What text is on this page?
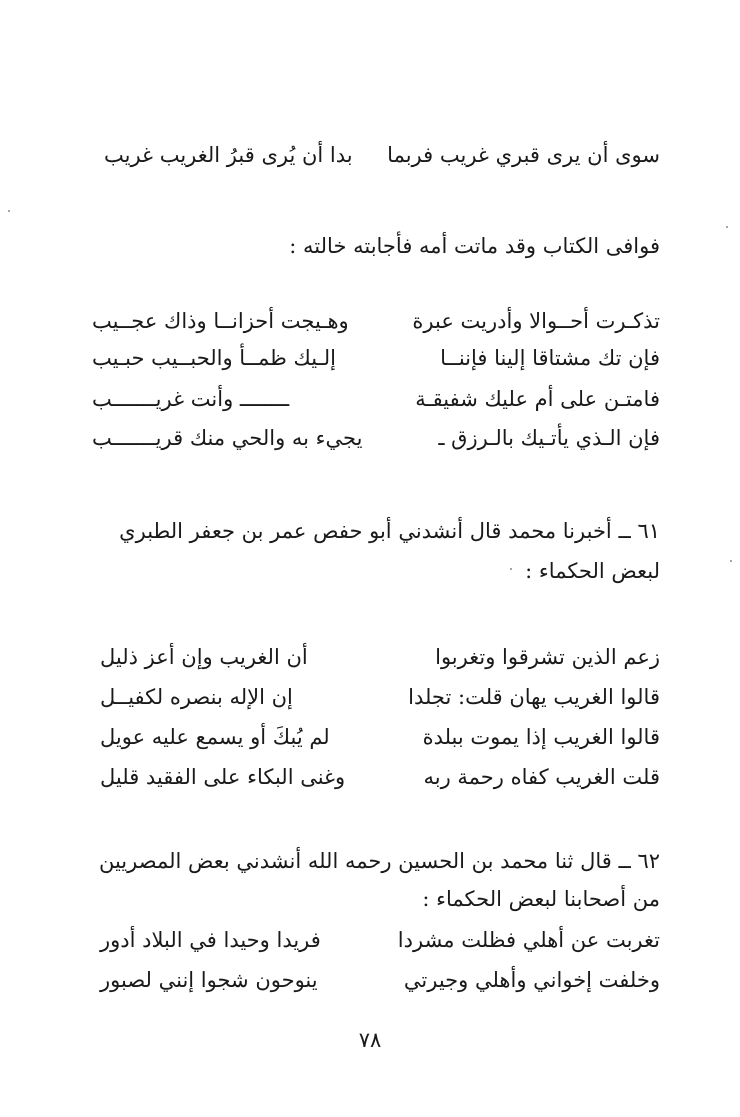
سوى أن يرى قبري غريب فربما
بدا أن يُرى قبرُ الغريب غريب
فوافى الكتاب وقد ماتت أمه فأجابته خالته :
تذكـرت أحــوالا وأدريت عبرة
وهـيجت أحزانــا وذاك عجــيب
فإن تك مشتاقا إلينا فإننــا
إلـيك ظمــأ والحبــيب حبـيب
فامتـن على أم عليك شفيقـة
ــــــــ وأنت غريـــــــب
فإن الـذي يأتـيك بالـرزق ـ
يجيء به والحي منك قريـــــــب
٦١ ــ أخبرنا محمد قال أنشدني أبو حفص عمر بن جعفر الطبري
لبعض الحكماء :
زعم الذين تشرقوا وتغربوا
أن الغريب وإن أعز ذليل
قالوا الغريب يهان قلت: تجلدا
إن الإله بنصره لكفيــل
قالوا الغريب إذا يموت ببلدة
لم يُبكَ أو يسمع عليه عويل
قلت الغريب كفاه رحمة ربه
وغنى البكاء على الفقيد قليل
٦٢ ــ قال ثنا محمد بن الحسين رحمه الله أنشدني بعض المصريين
من أصحابنا لبعض الحكماء :
تغربت عن أهلي فظلت مشردا
فريدا وحيدا في البلاد أدور
وخلفت إخواني وأهلي وجيرتي
ينوحون شجوا إنني لصبور
٧٨
